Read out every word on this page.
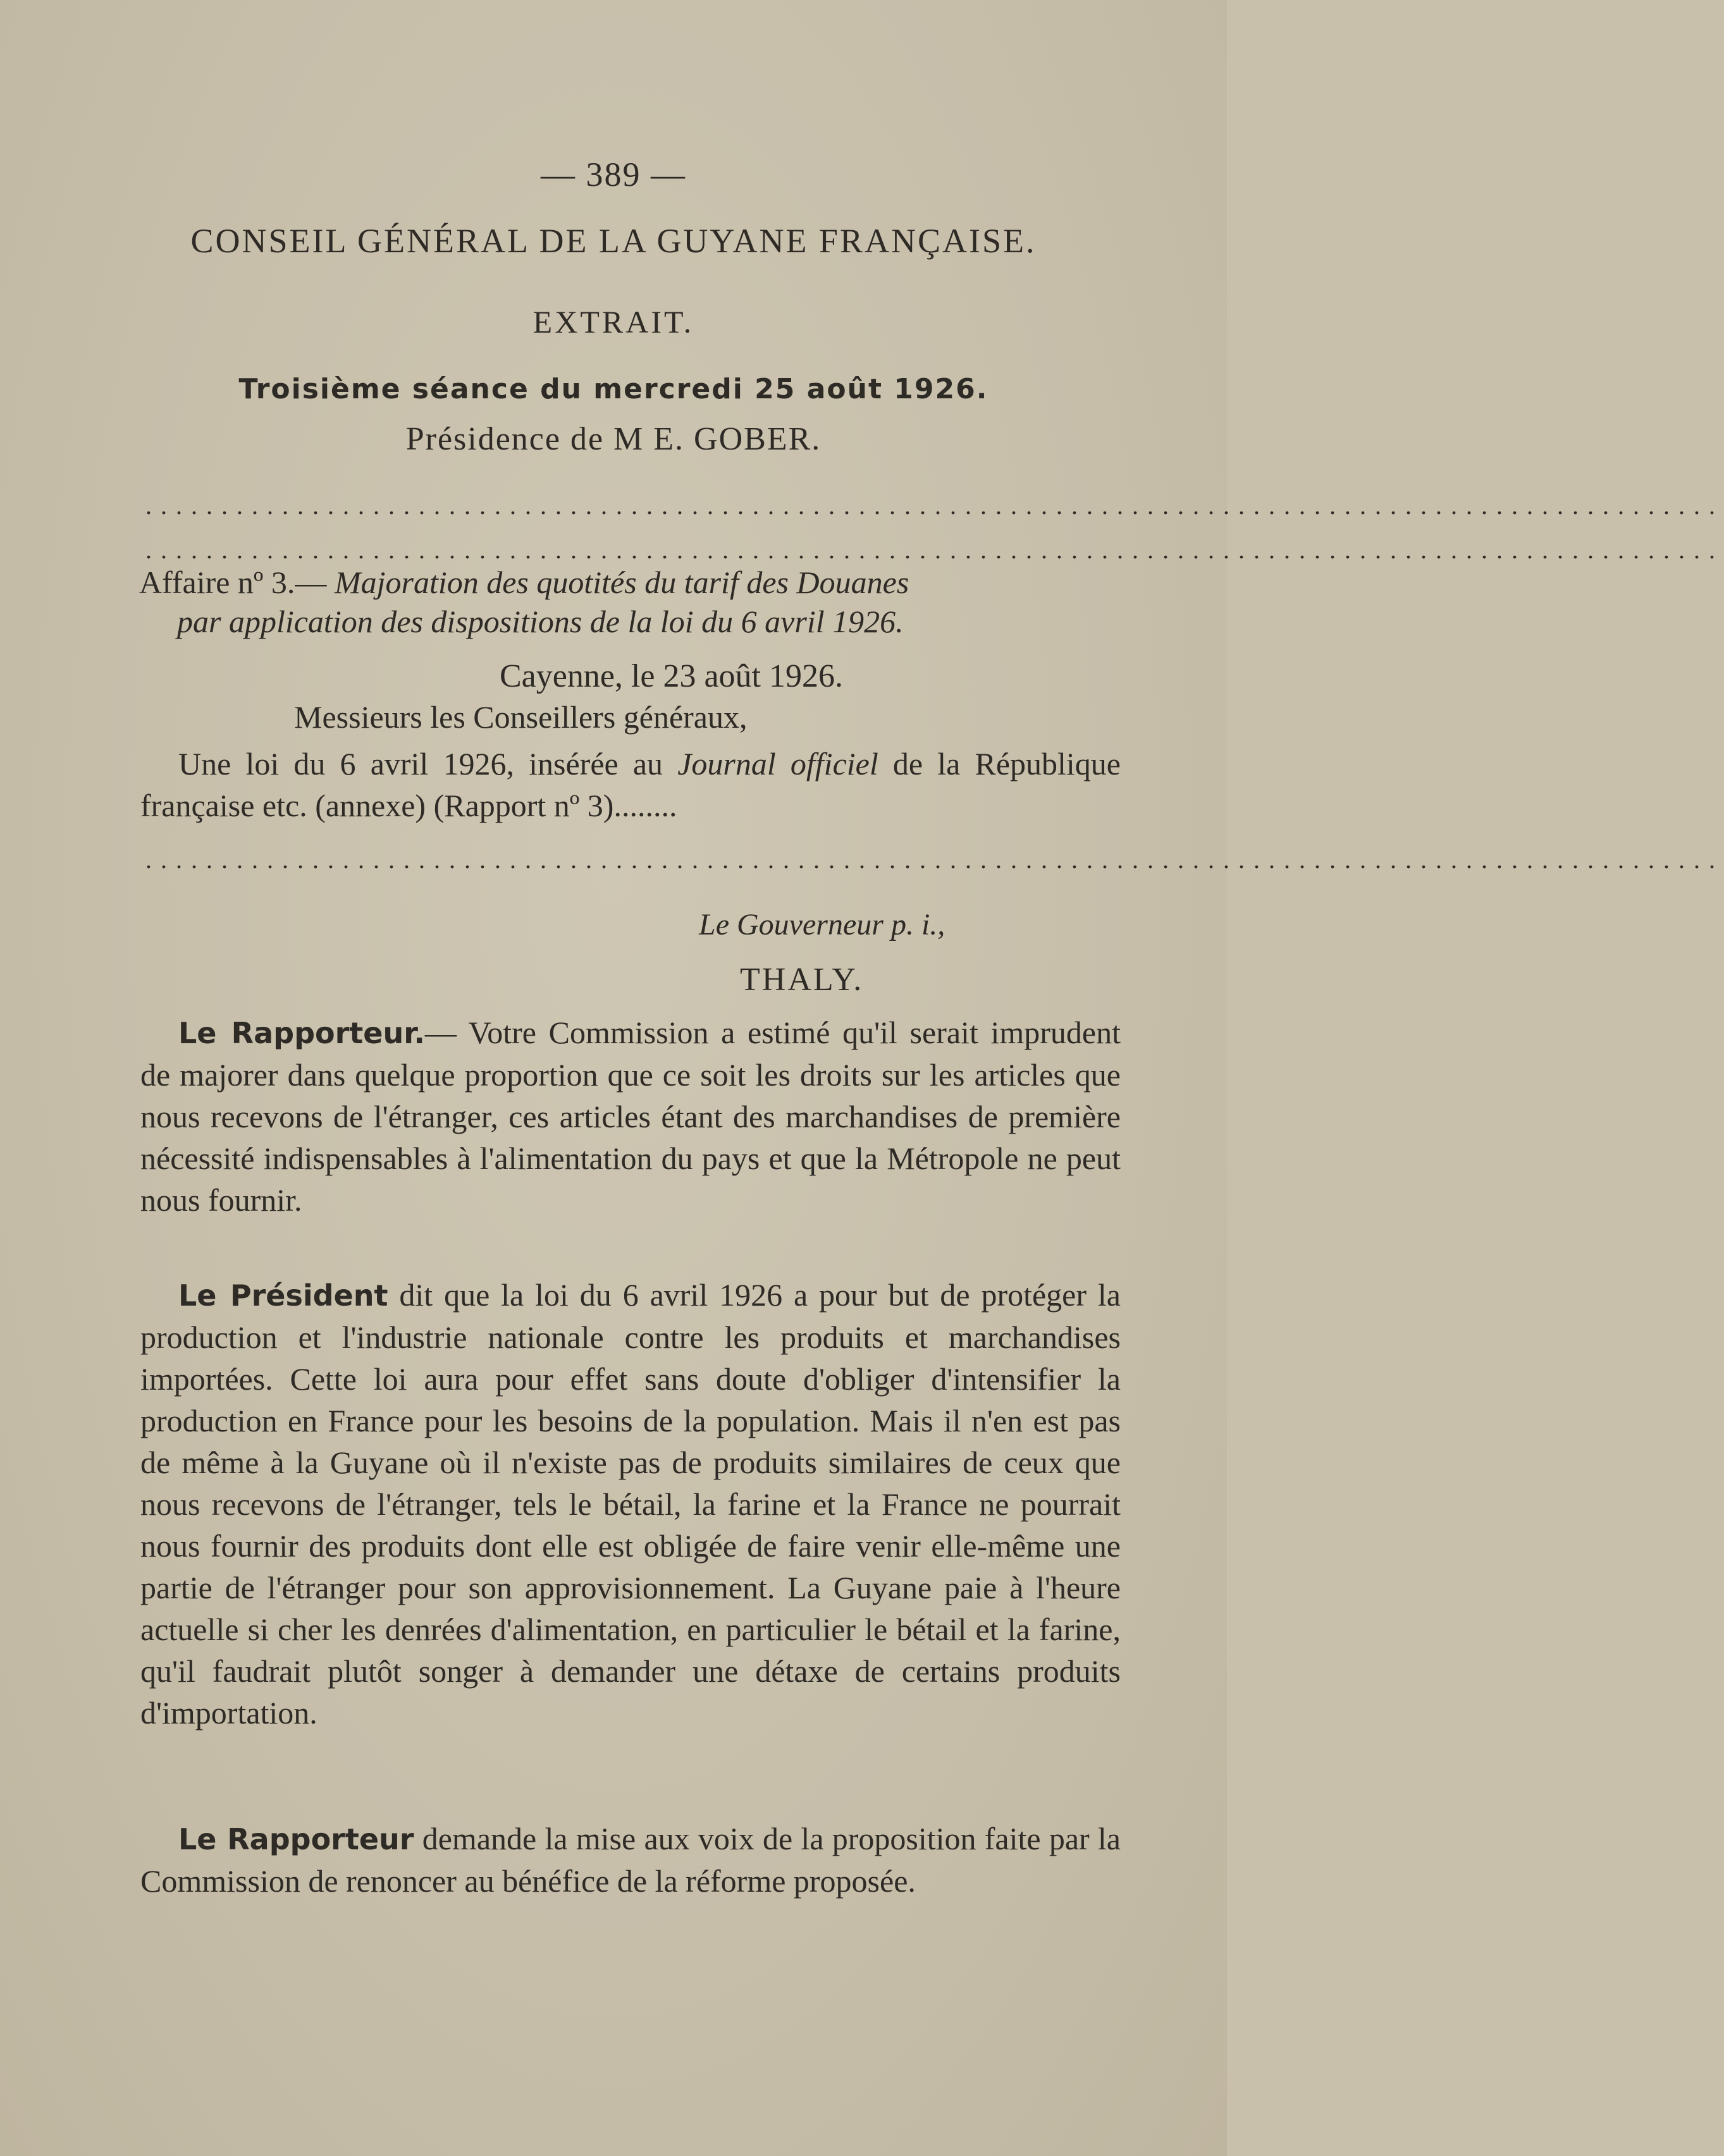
— 389 —
CONSEIL GÉNÉRAL DE LA GUYANE FRANÇAISE.
EXTRAIT.
Troisième séance du mercredi 25 août 1926.
Présidence de M E. GOBER.
........................................................................................................
........................................................................................................
Affaire nº 3.— Majoration des quotités du tarif des Douanes
par application des dispositions de la loi du 6 avril 1926.
Cayenne, le 23 août 1926.
Messieurs les Conseillers généraux,
Une loi du 6 avril 1926, insérée au Journal officiel de la République française etc. (annexe) (Rapport nº 3)........
........................................................................................................
Le Gouverneur p. i.,
THALY.
Le Rapporteur.— Votre Commission a estimé qu'il serait imprudent de majorer dans quelque proportion que ce soit les droits sur les articles que nous recevons de l'étranger, ces articles étant des marchandises de première nécessité indispensables à l'alimentation du pays et que la Métropole ne peut nous fournir.
Le Président dit que la loi du 6 avril 1926 a pour but de protéger la production et l'industrie nationale contre les produits et marchandises importées. Cette loi aura pour effet sans doute d'obliger d'intensifier la production en France pour les besoins de la population. Mais il n'en est pas de même à la Guyane où il n'existe pas de produits similaires de ceux que nous recevons de l'étranger, tels le bétail, la farine et la France ne pourrait nous fournir des produits dont elle est obligée de faire venir elle-même une partie de l'étranger pour son approvisionnement. La Guyane paie à l'heure actuelle si cher les denrées d'alimentation, en particulier le bétail et la farine, qu'il faudrait plutôt songer à demander une détaxe de certains produits d'importation.
Le Rapporteur demande la mise aux voix de la proposition faite par la Commission de renoncer au bénéfice de la réforme proposée.
